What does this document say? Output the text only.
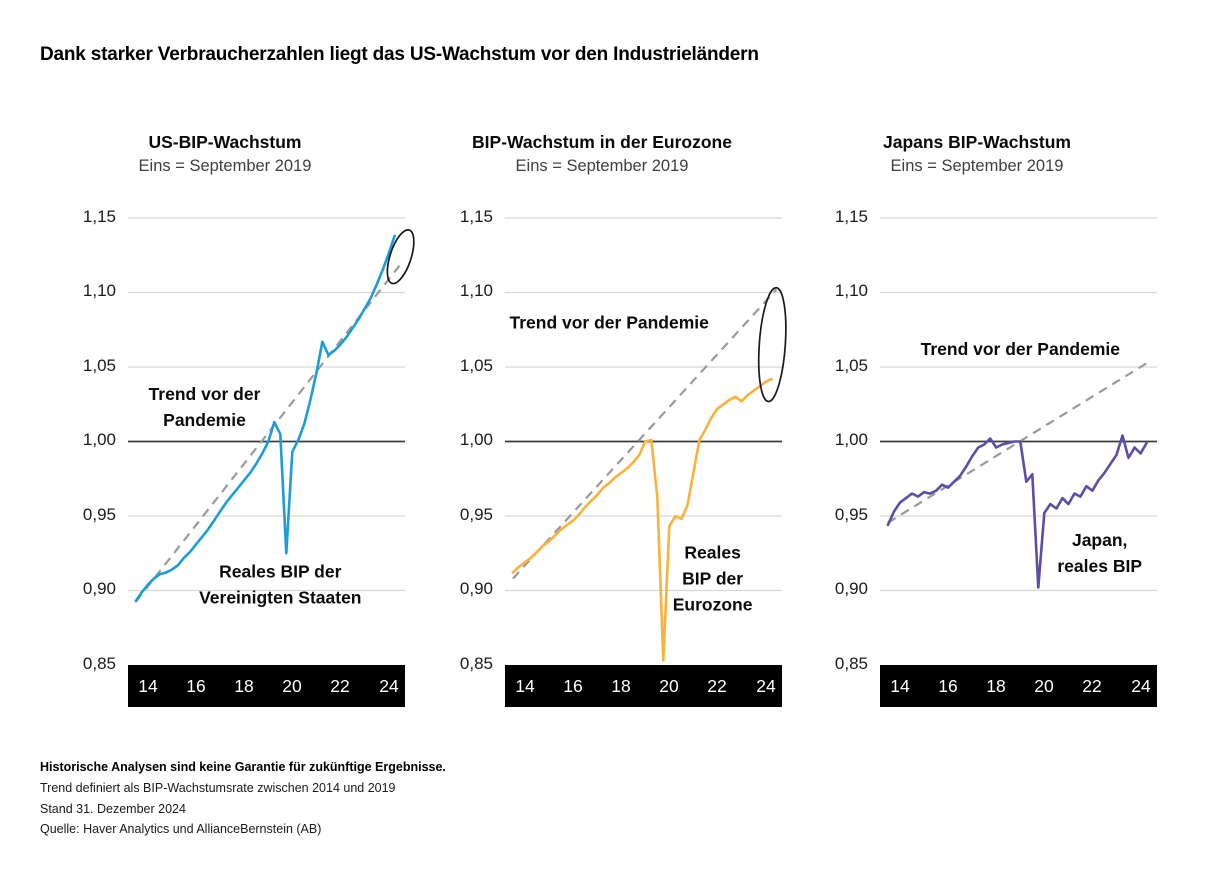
Dank starker Verbraucherzahlen liegt das US-Wachstum vor den Industrieländern
US-BIP-Wachstum
Eins = September 2019
1,15
1,10
1,05
1,00
0,95
0,90
0,85
Trend vor der Pandemie
Reales BIP der Vereinigten Staaten
14	16	18	20	22	24
BIP-Wachstum in der Eurozone
Eins = September 2019
1,15
1,10
1,05
1,00
0,95
0,90
0,85
Trend vor der Pandemie
Reales BIP der Eurozone
14	16	18	20	22	24
Japans BIP-Wachstum
Eins = September 2019
1,15
1,10
1,05
1,00
0,95
0,90
0,85
Trend vor der Pandemie
Japan, reales BIP
14	16	18	20	22	24
Historische Analysen sind keine Garantie für zukünftige Ergebnisse.
Trend definiert als BIP-Wachstumsrate zwischen 2014 und 2019
Stand 31. Dezember 2024
Quelle: Haver Analytics und AllianceBernstein (AB)
